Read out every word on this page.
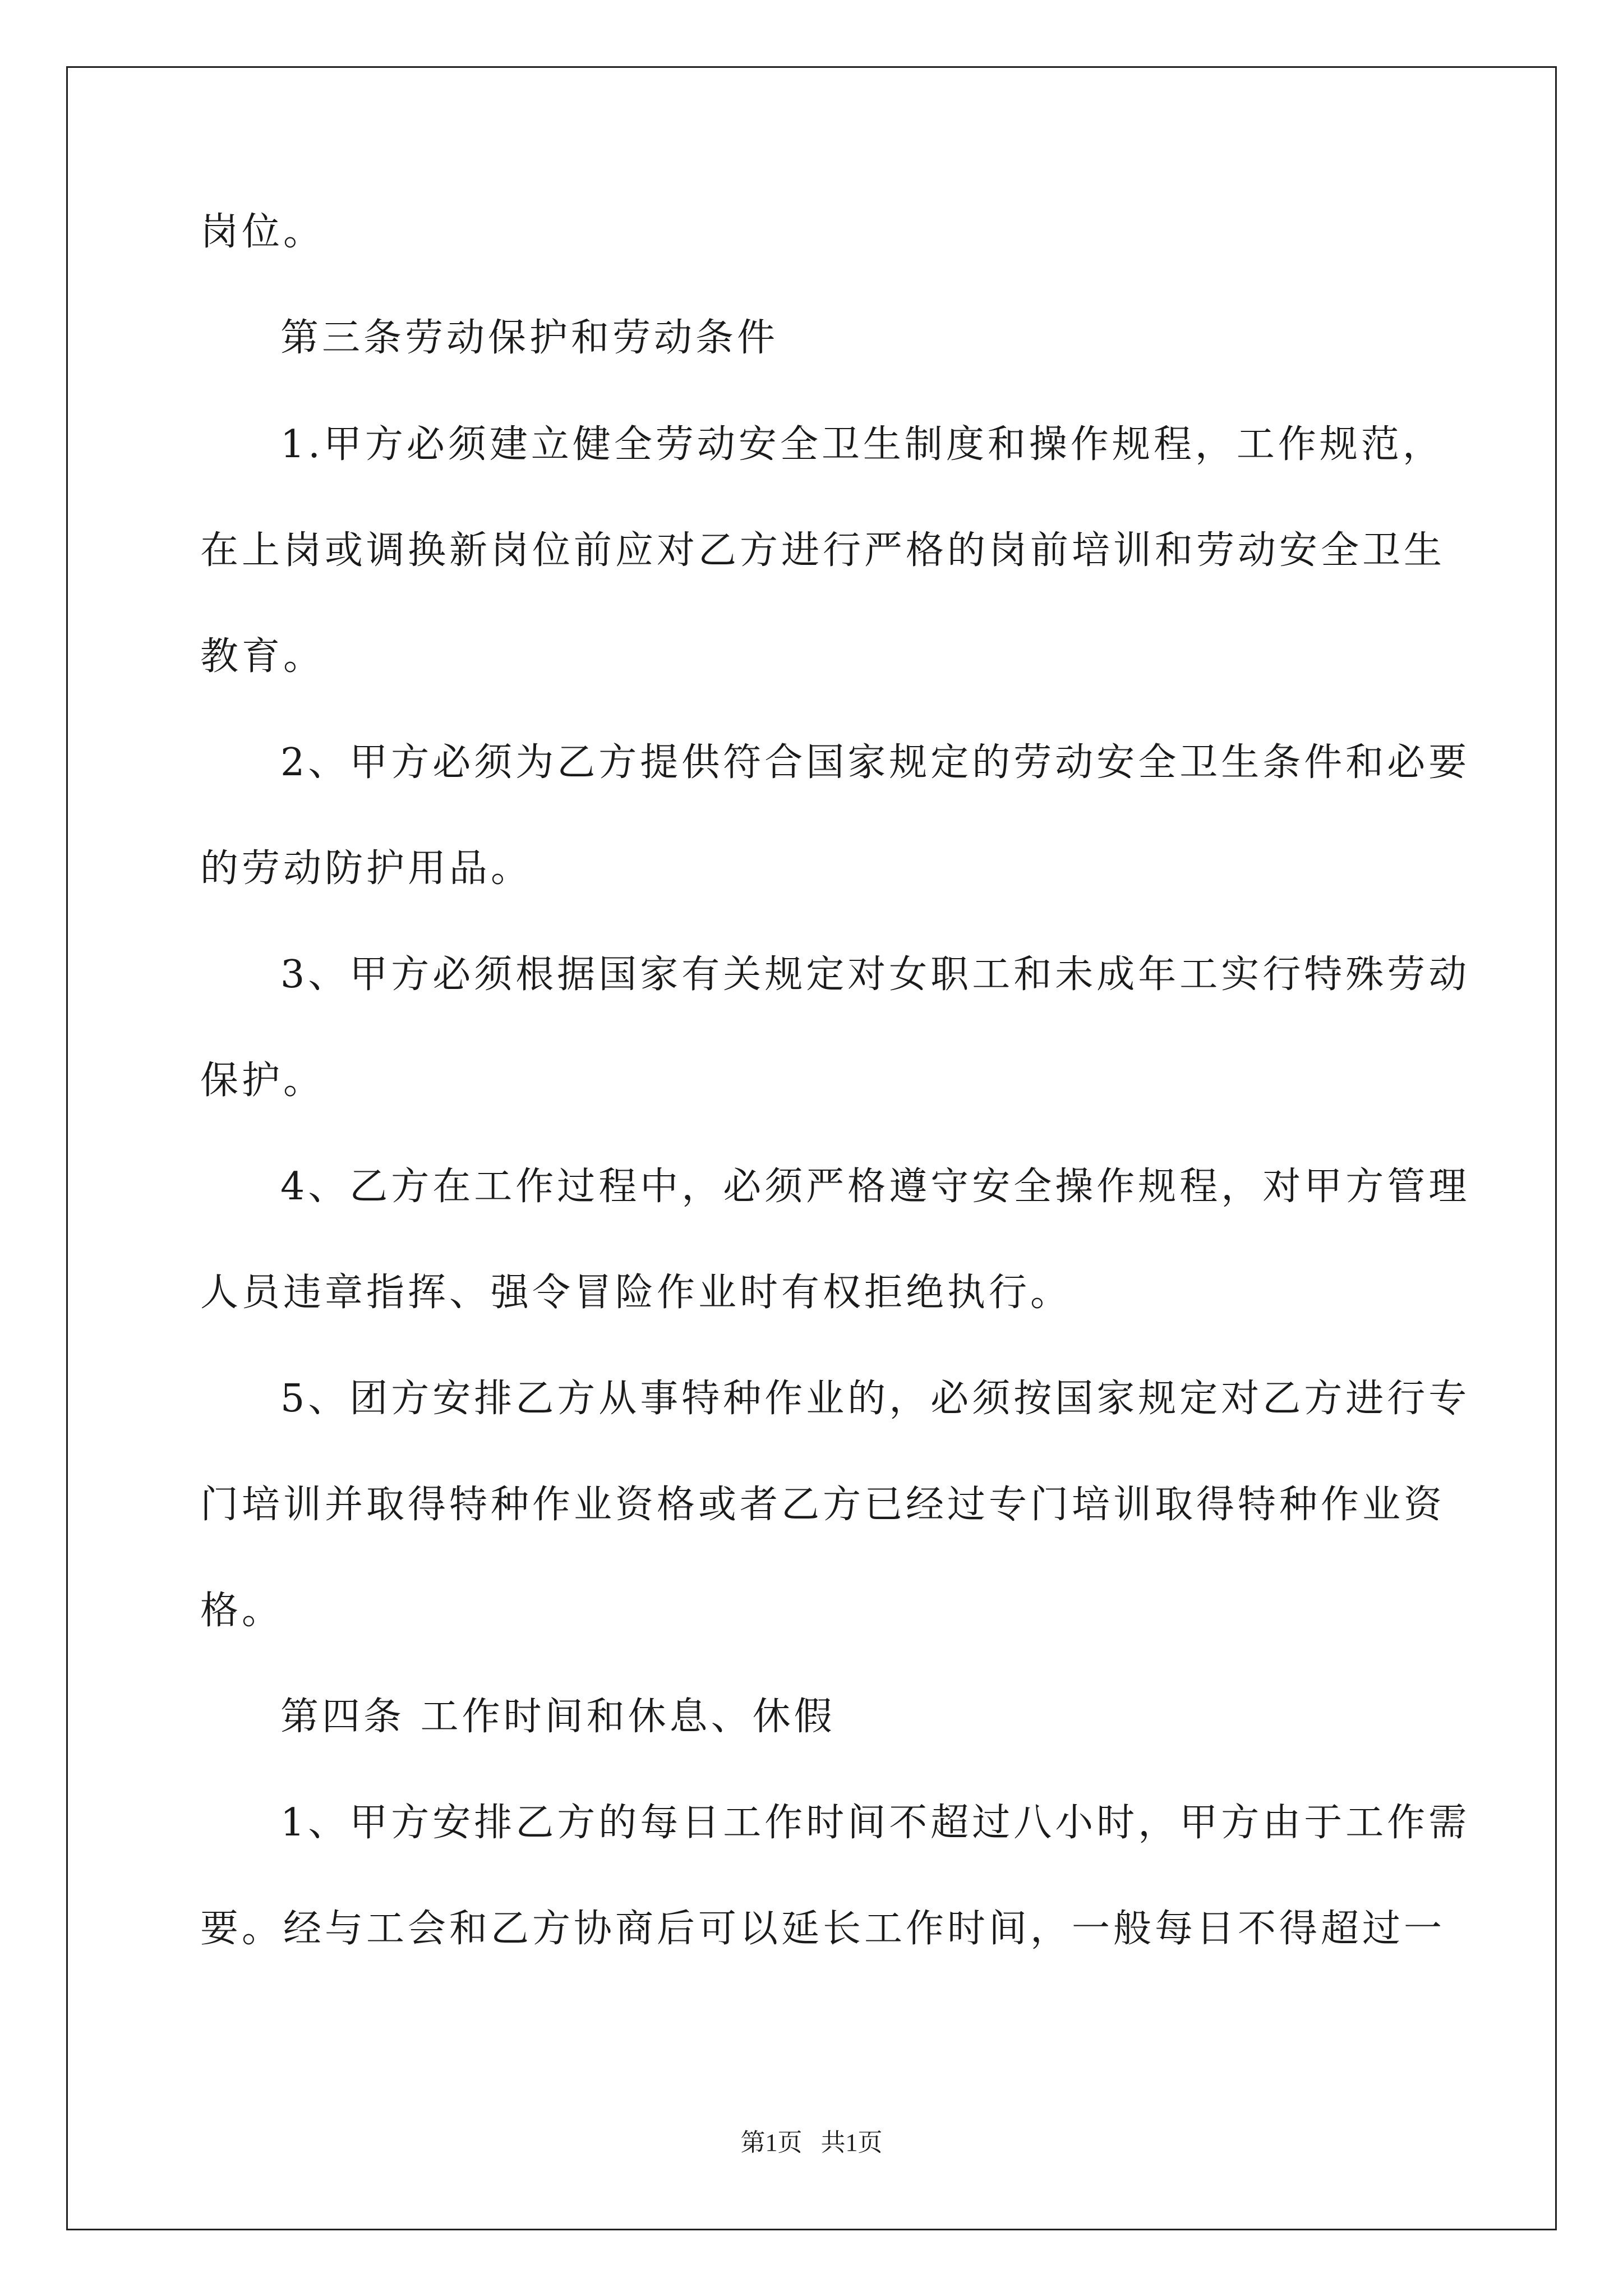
岗位。
第三条劳动保护和劳动条件
1.甲方必须建立健全劳动安全卫生制度和操作规程，工作规范，
在上岗或调换新岗位前应对乙方进行严格的岗前培训和劳动安全卫生
教育。
2、甲方必须为乙方提供符合国家规定的劳动安全卫生条件和必要
的劳动防护用品。
3、甲方必须根据国家有关规定对女职工和未成年工实行特殊劳动
保护。
4、乙方在工作过程中，必须严格遵守安全操作规程，对甲方管理
人员违章指挥、强令冒险作业时有权拒绝执行。
5、团方安排乙方从事特种作业的，必须按国家规定对乙方进行专
门培训并取得特种作业资格或者乙方已经过专门培训取得特种作业资
格。
第四条 工作时间和休息、休假
1、甲方安排乙方的每日工作时间不超过八小时，甲方由于工作需
要。经与工会和乙方协商后可以延长工作时间，一般每日不得超过一
第1页   共1页
